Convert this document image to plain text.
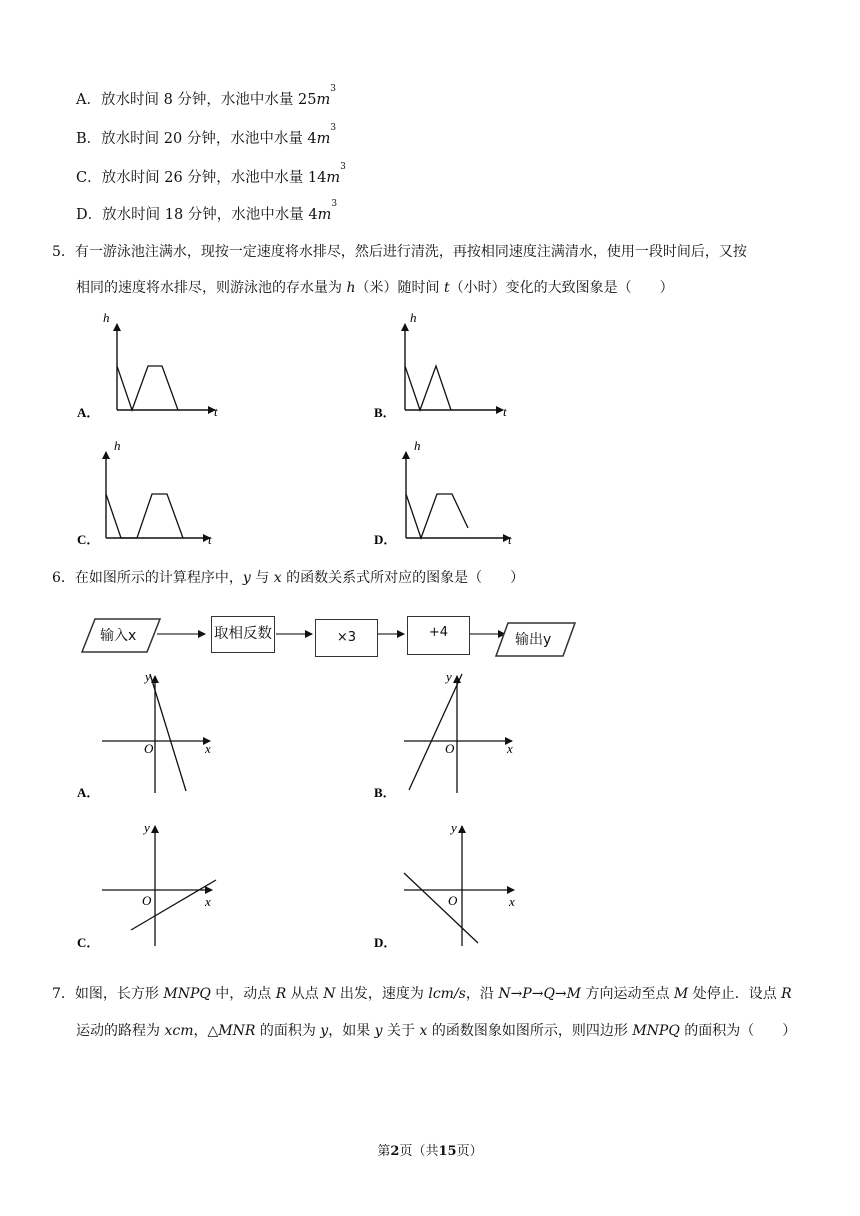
A．放水时间 8 分钟，水池中水量 $25m^3$
B．放水时间 20 分钟，水池中水量 $4m^3$
C．放水时间 26 分钟，水池中水量 $14m^3$
D．放水时间 18 分钟，水池中水量 $4m^3$
5．有一游泳池注满水，现按一定速度将水排尽，然后进行清洗，再按相同速度注满清水，使用一段时间后，又按
相同的速度将水排尽，则游泳池的存水量为 h（米）随时间 t（小时）变化的大致图象是（　　）
h
t
A．
h
t
B．
h
t
C．
h
t
D．
y
x
O
A．
y
x
O
B．
y
x
O
C．
y
x
O
D．
6．在如图所示的计算程序中，y 与 x 的函数关系式所对应的图象是（　　）
输入x	取相反数	×3	+4	输出y
7．如图，长方形 MNPQ 中，动点 R 从点 N 出发，速度为 lcm/s，沿 N→P→Q→M 方向运动至点 M 处停止．设点 R
运动的路程为 xcm，△MNR 的面积为 y，如果 y 关于 x 的函数图象如图所示，则四边形 MNPQ 的面积为（　　）
第2页（共15页）
